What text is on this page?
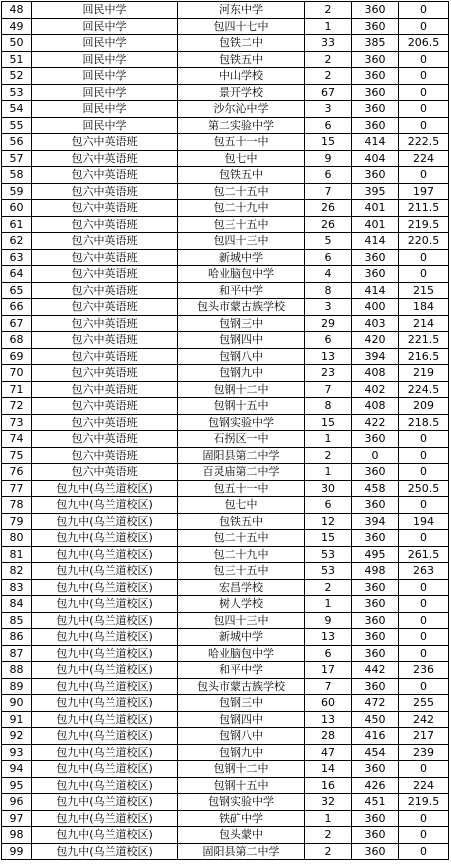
48	回民中学	河东中学	2	360	0
49	回民中学	包四十七中	1	360	0
50	回民中学	包铁二中	33	385	206.5
51	回民中学	包铁五中	2	360	0
52	回民中学	中山学校	2	360	0
53	回民中学	景开学校	67	360	0
54	回民中学	沙尔沁中学	3	360	0
55	回民中学	第二实验中学	6	360	0
56	包六中英语班	包五十一中	15	414	222.5
57	包六中英语班	包七中	9	404	224
58	包六中英语班	包铁五中	6	360	0
59	包六中英语班	包二十五中	7	395	197
60	包六中英语班	包二十九中	26	401	211.5
61	包六中英语班	包三十五中	26	401	219.5
62	包六中英语班	包四十三中	5	414	220.5
63	包六中英语班	新城中学	6	360	0
64	包六中英语班	哈业脑包中学	4	360	0
65	包六中英语班	和平中学	8	414	215
66	包六中英语班	包头市蒙古族学校	3	400	184
67	包六中英语班	包钢三中	29	403	214
68	包六中英语班	包钢四中	6	420	221.5
69	包六中英语班	包钢八中	13	394	216.5
70	包六中英语班	包钢九中	23	408	219
71	包六中英语班	包钢十二中	7	402	224.5
72	包六中英语班	包钢十五中	8	408	209
73	包六中英语班	包钢实验中学	15	422	218.5
74	包六中英语班	石拐区一中	1	360	0
75	包六中英语班	固阳县第二中学	2	0	0
76	包六中英语班	百灵庙第二中学	1	360	0
77	包九中(乌兰道校区)	包五十一中	30	458	250.5
78	包九中(乌兰道校区)	包七中	6	360	0
79	包九中(乌兰道校区)	包铁五中	12	394	194
80	包九中(乌兰道校区)	包二十五中	15	360	0
81	包九中(乌兰道校区)	包二十九中	53	495	261.5
82	包九中(乌兰道校区)	包三十五中	53	498	263
83	包九中(乌兰道校区)	宏昌学校	2	360	0
84	包九中(乌兰道校区)	树人学校	1	360	0
85	包九中(乌兰道校区)	包四十三中	9	360	0
86	包九中(乌兰道校区)	新城中学	13	360	0
87	包九中(乌兰道校区)	哈业脑包中学	6	360	0
88	包九中(乌兰道校区)	和平中学	17	442	236
89	包九中(乌兰道校区)	包头市蒙古族学校	7	360	0
90	包九中(乌兰道校区)	包钢三中	60	472	255
91	包九中(乌兰道校区)	包钢四中	13	450	242
92	包九中(乌兰道校区)	包钢八中	28	416	217
93	包九中(乌兰道校区)	包钢九中	47	454	239
94	包九中(乌兰道校区)	包钢十二中	14	360	0
95	包九中(乌兰道校区)	包钢十五中	16	426	224
96	包九中(乌兰道校区)	包钢实验中学	32	451	219.5
97	包九中(乌兰道校区)	铁矿中学	1	360	0
98	包九中(乌兰道校区)	包头蒙中	2	360	0
99	包九中(乌兰道校区)	固阳县第二中学	2	360	0
